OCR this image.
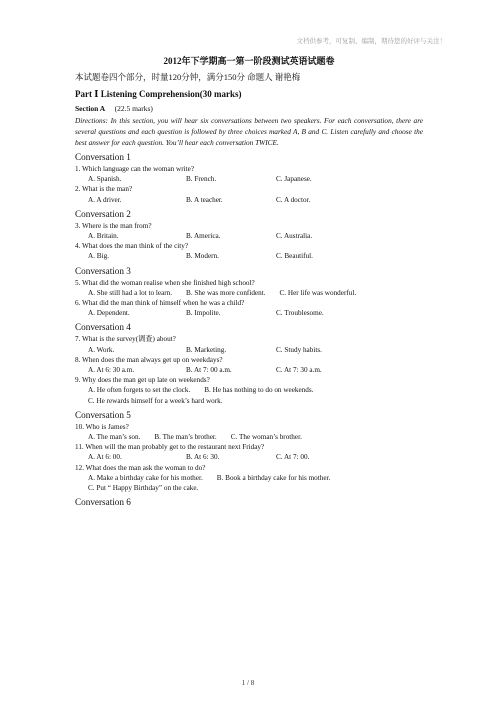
文档供参考，可复制、编制，期待您的好评与关注！

2012年下学期高一第一阶段测试英语试题卷

本试题卷四个部分，时量120分钟，满分150分 命题人 谢艳梅

Part Ⅰ Listening Comprehension(30 marks)

Section A (22.5 marks)

Directions: In this section, you will hear six conversations between two speakers. For each conversation, there are several questions and each question is followed by three choices marked A, B and C. Listen carefully and choose the best answer for each question. You’ll hear each conversation TWICE.

Conversation 1

1. Which language can the woman write?

A. Spanish.	B. French.	C. Japanese.

2. What is the man?

A. A driver.	B. A teacher.	C. A doctor.

Conversation 2

3. Where is the man from?

A. Britain.	B. America.	C. Australia.

4. What does the man think of the city?

A. Big.	B. Modern.	C. Beautiful.

Conversation 3

5. What did the woman realise when she finished high school?

A. She still had a lot to learn. B. She was more confident. C. Her life was wonderful.

6. What did the man think of himself when he was a child?

A. Dependent.	B. Impolite.	C. Troublesome.

Conversation 4

7. What is the survey(调查) about?

A. Work.	B. Marketing.	C. Study habits.

8. When does the man always get up on weekdays?

A. At 6: 30 a.m.	B. At 7: 00 a.m.	C. At 7: 30 a.m.

9. Why does the man get up late on weekends?

A. He often forgets to set the clock. B. He has nothing to do on weekends.
C. He rewards himself for a week’s hard work.

Conversation 5

10. Who is James?

A. The man’s son. B. The man’s brother. C. The woman’s brother.

11. When will the man probably get to the restaurant next Friday?

A. At 6: 00.	B. At 6: 30.	C. At 7: 00.

12. What does the man ask the woman to do?

A. Make a birthday cake for his mother. B. Book a birthday cake for his mother.
C. Put “ Happy Birthday” on the cake.

Conversation 6

1 / 8
